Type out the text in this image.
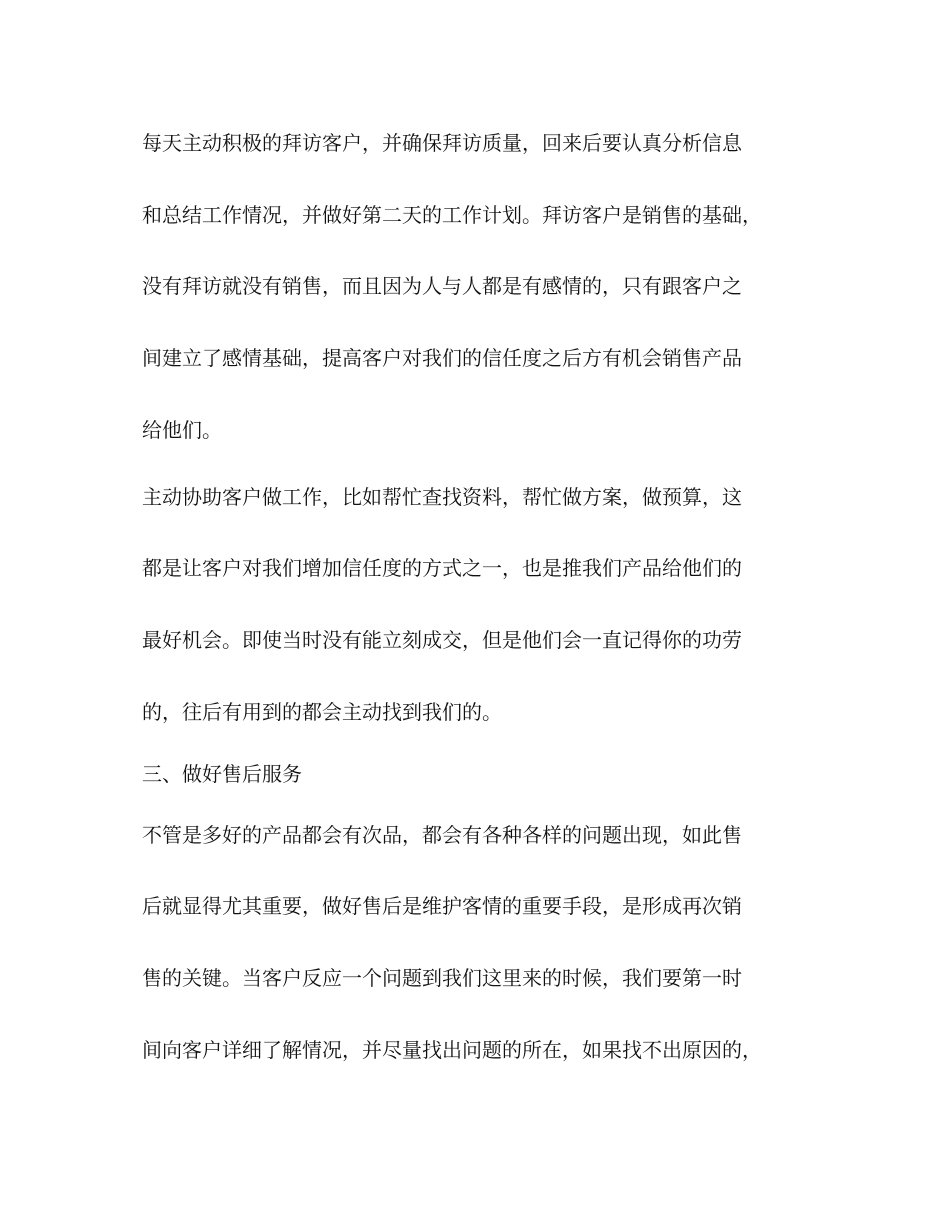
每天主动积极的拜访客户，并确保拜访质量，回来后要认真分析信息
和总结工作情况，并做好第二天的工作计划。拜访客户是销售的基础，
没有拜访就没有销售，而且因为人与人都是有感情的，只有跟客户之
间建立了感情基础，提高客户对我们的信任度之后方有机会销售产品
给他们。
主动协助客户做工作，比如帮忙查找资料，帮忙做方案，做预算，这
都是让客户对我们增加信任度的方式之一，也是推我们产品给他们的
最好机会。即使当时没有能立刻成交，但是他们会一直记得你的功劳
的，往后有用到的都会主动找到我们的。
三、做好售后服务
不管是多好的产品都会有次品，都会有各种各样的问题出现，如此售
后就显得尤其重要，做好售后是维护客情的重要手段，是形成再次销
售的关键。当客户反应一个问题到我们这里来的时候，我们要第一时
间向客户详细了解情况，并尽量找出问题的所在，如果找不出原因的，
